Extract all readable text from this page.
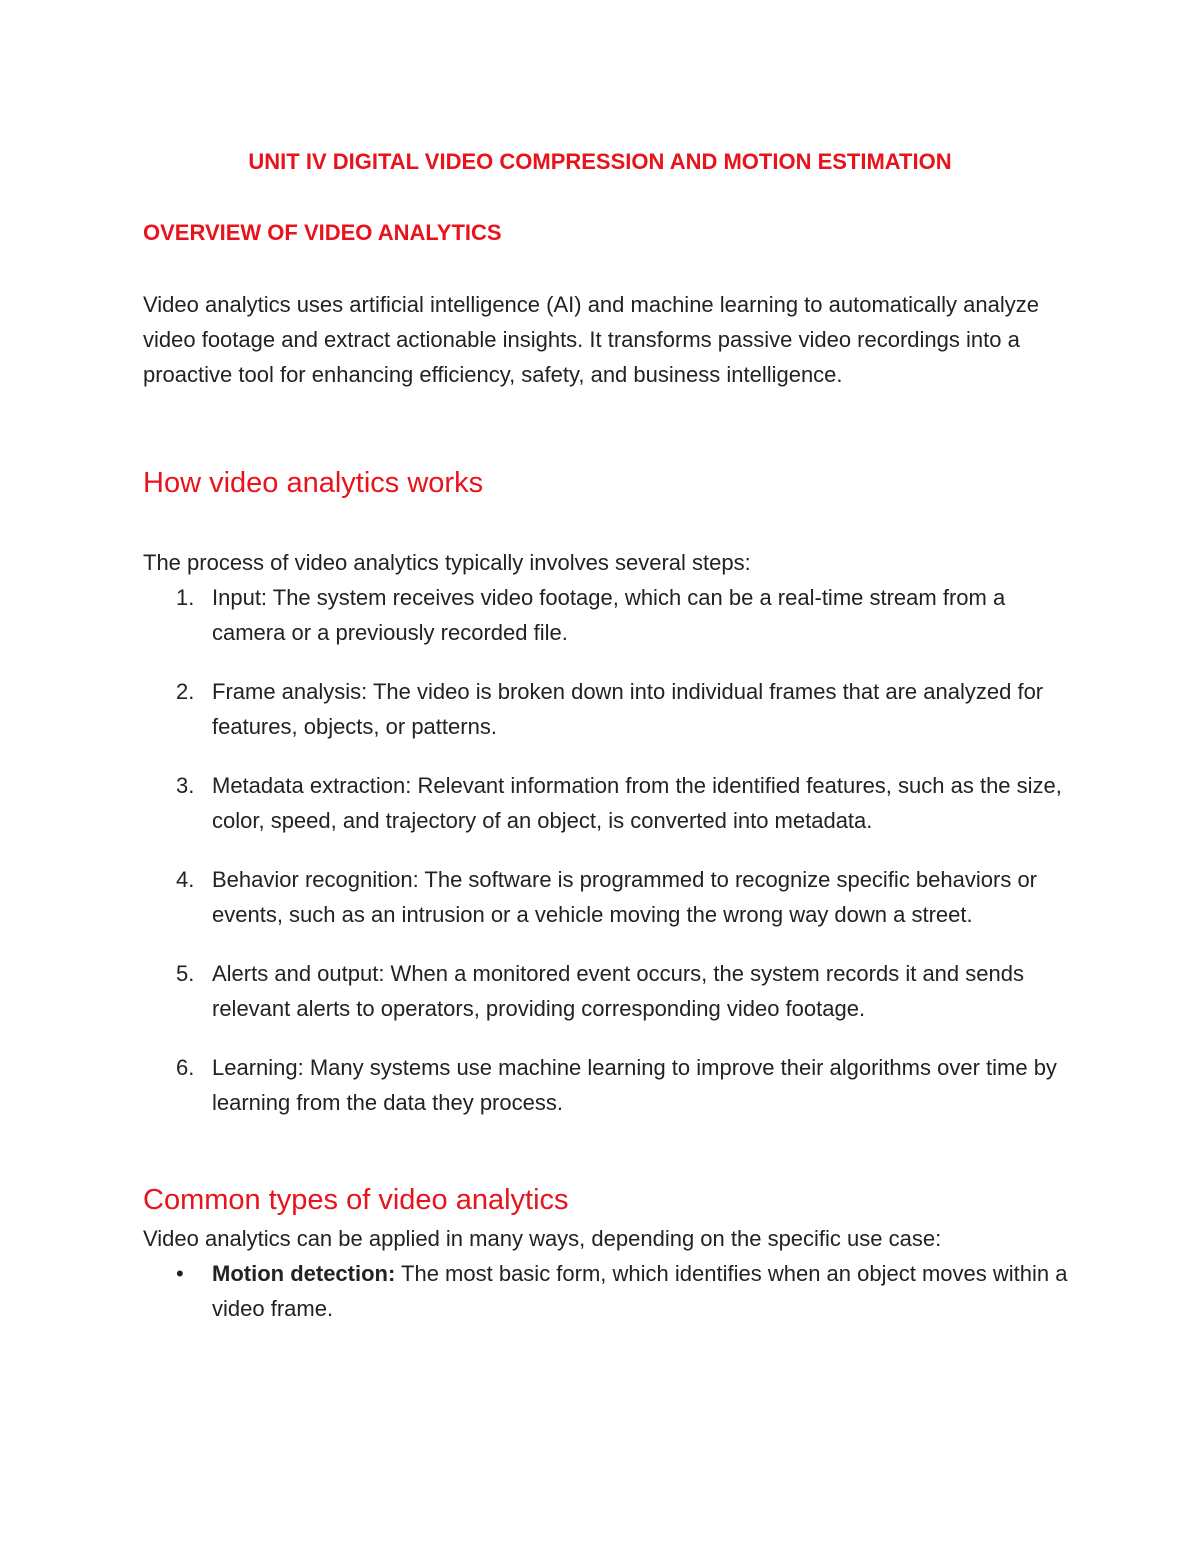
UNIT IV DIGITAL VIDEO COMPRESSION AND MOTION ESTIMATION
OVERVIEW OF VIDEO ANALYTICS

Video analytics uses artificial intelligence (AI) and machine learning to automatically analyze video footage and extract actionable insights. It transforms passive video recordings into a proactive tool for enhancing efficiency, safety, and business intelligence.

How video analytics works

The process of video analytics typically involves several steps:

1. Input: The system receives video footage, which can be a real-time stream from a camera or a previously recorded file.
2. Frame analysis: The video is broken down into individual frames that are analyzed for features, objects, or patterns.
3. Metadata extraction: Relevant information from the identified features, such as the size, color, speed, and trajectory of an object, is converted into metadata.
4. Behavior recognition: The software is programmed to recognize specific behaviors or events, such as an intrusion or a vehicle moving the wrong way down a street.
5. Alerts and output: When a monitored event occurs, the system records it and sends relevant alerts to operators, providing corresponding video footage.
6. Learning: Many systems use machine learning to improve their algorithms over time by learning from the data they process.
Common types of video analytics

Video analytics can be applied in many ways, depending on the specific use case:

• Motion detection: The most basic form, which identifies when an object moves within a video frame.
